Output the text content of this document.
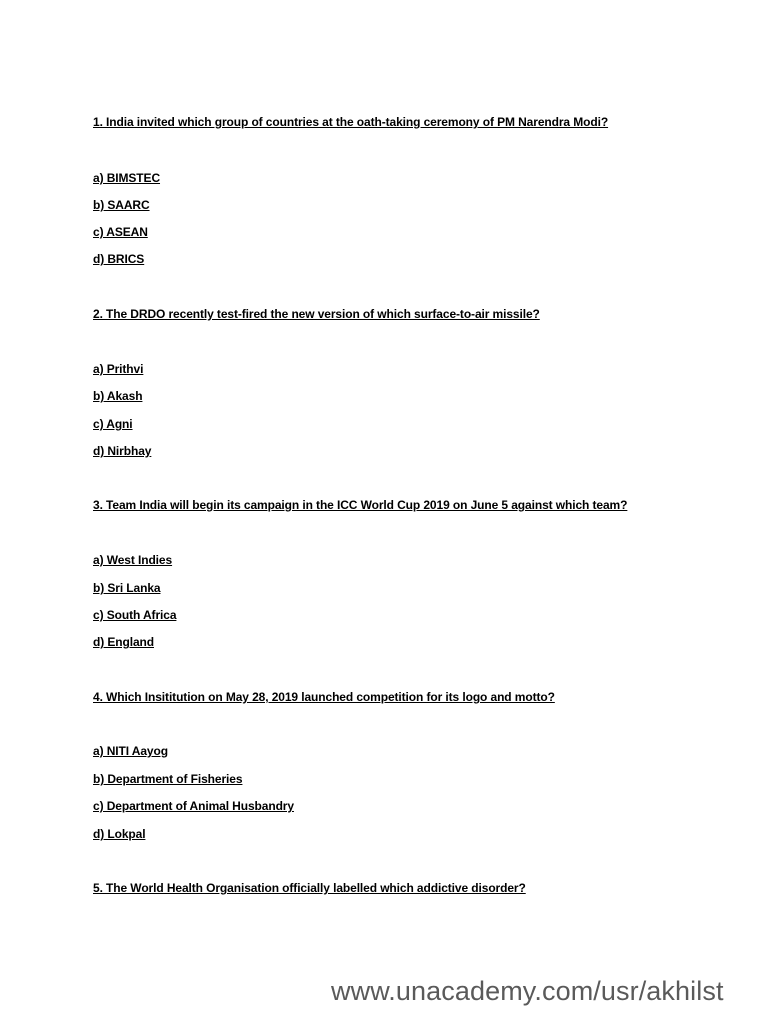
1. India invited which group of countries at the oath-taking ceremony of PM Narendra Modi?
a) BIMSTEC
b) SAARC
c) ASEAN
d) BRICS
2. The DRDO recently test-fired the new version of which surface-to-air missile?
a) Prithvi
b) Akash
c) Agni
d) Nirbhay
3. Team India will begin its campaign in the ICC World Cup 2019 on June 5 against which team?
a) West Indies
b) Sri Lanka
c) South Africa
d) England
4. Which Insititution on May 28, 2019 launched competition for its logo and motto?
a) NITI Aayog
b) Department of Fisheries
c) Department of Animal Husbandry
d) Lokpal
5. The World Health Organisation officially labelled which addictive disorder?
www.unacademy.com/usr/akhilst
